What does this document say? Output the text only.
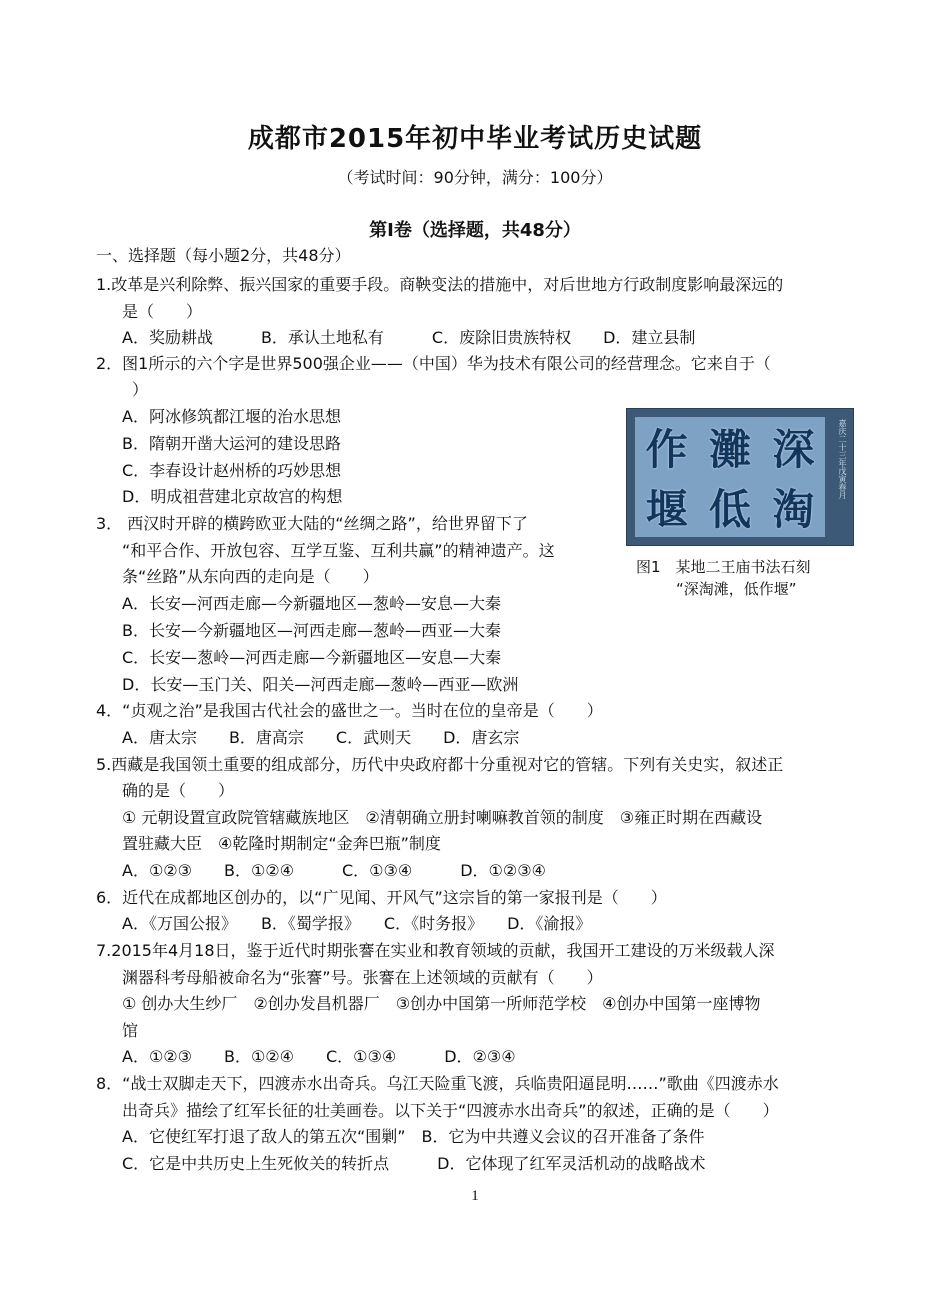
成都市2015年初中毕业考试历史试题
（考试时间：90分钟，满分：100分）
第Ⅰ卷（选择题，共48分）
一、选择题（每小题2分，共48分）
1.改革是兴利除弊、振兴国家的重要手段。商鞅变法的措施中，对后世地方行政制度影响最深远的
是（　　）
A．奖励耕战　　　B．承认土地私有　　　C．废除旧贵族特权　　D．建立县制
2．图1所示的六个字是世界500强企业——（中国）华为技术有限公司的经营理念。它来自于（
）
A．阿冰修筑都江堰的治水思想
B．隋朝开凿大运河的建设思路
C．李春设计赵州桥的巧妙思想
D．明成祖营建北京故宫的构想
作 灘 深
堰 低 淘
嘉庆二十三年戊寅春月
图1　某地二王庙书法石刻
“深淘滩，低作堰”
3． 西汉时开辟的横跨欧亚大陆的“丝绸之路”，给世界留下了
“和平合作、开放包容、互学互鉴、互利共赢”的精神遗产。这
条“丝路”从东向西的走向是（　　）
A．长安—河西走廊—今新疆地区—葱岭—安息—大秦
B．长安—今新疆地区—河西走廊—葱岭—西亚—大秦
C．长安—葱岭—河西走廊—今新疆地区—安息—大秦
D．长安—玉门关、阳关—河西走廊—葱岭—西亚—欧洲
4．“贞观之治”是我国古代社会的盛世之一。当时在位的皇帝是（　　）
A．唐太宗　　B．唐高宗　　C．武则天　　D．唐玄宗
5.西藏是我国领土重要的组成部分，历代中央政府都十分重视对它的管辖。下列有关史实，叙述正
确的是（　　）
① 元朝设置宣政院管辖藏族地区　②清朝确立册封喇嘛教首领的制度　③雍正时期在西藏设
置驻藏大臣　④乾隆时期制定“金奔巴瓶”制度
A．①②③　　B．①②④　　　C．①③④　　　D．①②③④
6．近代在成都地区创办的，以“广见闻、开风气”这宗旨的第一家报刊是（　　）
A．《万国公报》　　B．《蜀学报》　　C．《时务报》　　D．《渝报》
7.2015年4月18日，鉴于近代时期张謇在实业和教育领域的贡献，我国开工建设的万米级载人深
渊器科考母船被命名为“张謇”号。张謇在上述领域的贡献有（　　）
① 创办大生纱厂　②创办发昌机器厂　③创办中国第一所师范学校　④创办中国第一座博物
馆
A．①②③　　B．①②④　　C．①③④　　　D．②③④
8．“战士双脚走天下，四渡赤水出奇兵。乌江天险重飞渡，兵临贵阳逼昆明……”歌曲《四渡赤水
出奇兵》描绘了红军长征的壮美画卷。以下关于“四渡赤水出奇兵”的叙述，正确的是（　　）
A．它使红军打退了敌人的第五次“围剿”　B．它为中共遵义会议的召开准备了条件
C．它是中共历史上生死攸关的转折点　　　D．它体现了红军灵活机动的战略战术
1
